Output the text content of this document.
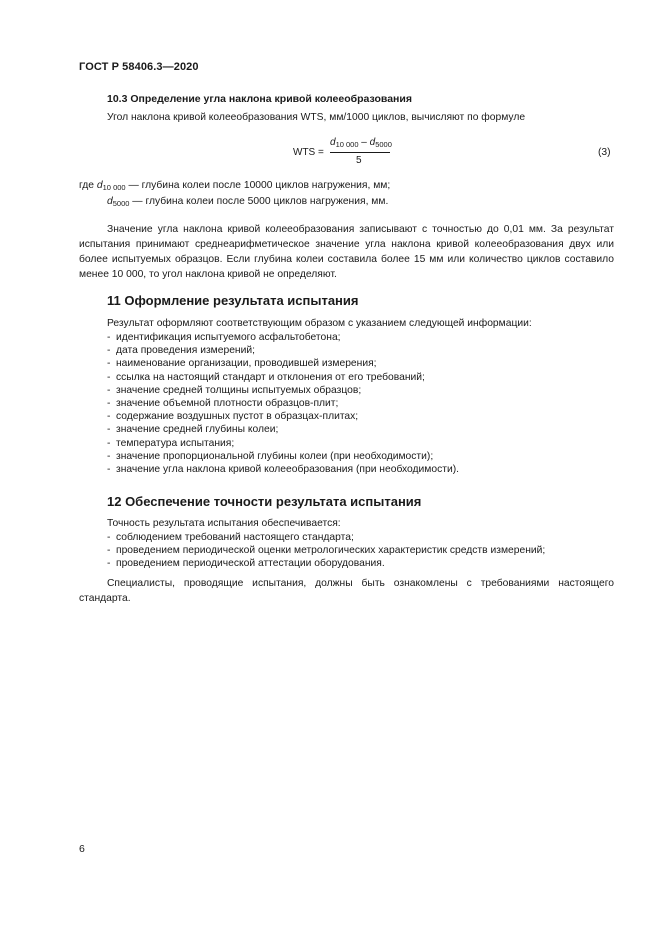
ГОСТ Р 58406.3—2020
10.3 Определение угла наклона кривой колееобразования
Угол наклона кривой колееобразования WTS, мм/1000 циклов, вычисляют по формуле
WTS =
$d_{10 000} - d_{5000}$
5
(3)
где $d_{10 000}$ — глубина колеи после 10000 циклов нагружения, мм;
$d_{5000}$ — глубина колеи после 5000 циклов нагружения, мм.
Значение угла наклона кривой колееобразования записывают с точностью до 0,01 мм. За результат испытания принимают среднеарифметическое значение угла наклона кривой колееобразования двух или более испытуемых образцов. Если глубина колеи составила более 15 мм или количество циклов составило менее 10 000, то угол наклона кривой не определяют.
11 Оформление результата испытания
Результат оформляют соответствующим образом с указанием следующей информации:
- идентификация испытуемого асфальтобетона;
- дата проведения измерений;
- наименование организации, проводившей измерения;
- ссылка на настоящий стандарт и отклонения от его требований;
- значение средней толщины испытуемых образцов;
- значение объемной плотности образцов-плит;
- содержание воздушных пустот в образцах-плитах;
- значение средней глубины колеи;
- температура испытания;
- значение пропорциональной глубины колеи (при необходимости);
- значение угла наклона кривой колееобразования (при необходимости).
12 Обеспечение точности результата испытания
Точность результата испытания обеспечивается:
- соблюдением требований настоящего стандарта;
- проведением периодической оценки метрологических характеристик средств измерений;
- проведением периодической аттестации оборудования.
Специалисты, проводящие испытания, должны быть ознакомлены с требованиями настоящего стандарта.
6
